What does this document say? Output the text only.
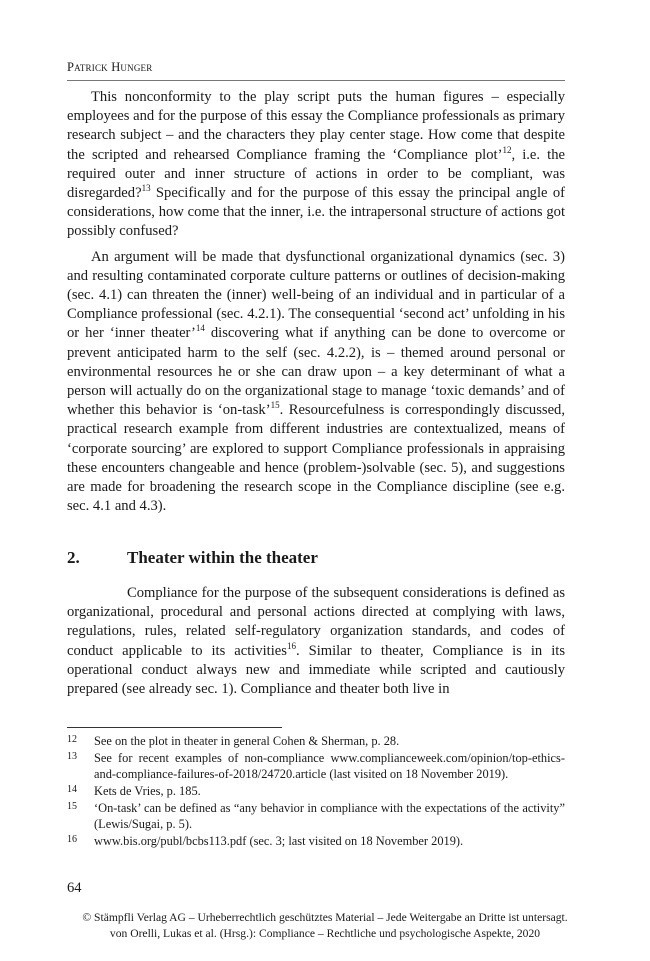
Patrick Hunger

This nonconformity to the play script puts the human figures – especially employees and for the purpose of this essay the Compliance professionals as primary research subject – and the characters they play center stage. How come that despite the scripted and rehearsed Compliance framing the ‘Compliance plot’$^{12}$, i.e. the required outer and inner structure of actions in order to be compliant, was disregarded?$^{13}$ Specifically and for the purpose of this essay the principal angle of considerations, how come that the inner, i.e. the intrapersonal structure of actions got possibly confused?

An argument will be made that dysfunctional organizational dynamics (sec. 3) and resulting contaminated corporate culture patterns or outlines of decision-making (sec. 4.1) can threaten the (inner) well-being of an individual and in particular of a Compliance professional (sec. 4.2.1). The consequential ‘second act’ unfolding in his or her ‘inner theater’$^{14}$ discovering what if anything can be done to overcome or prevent anticipated harm to the self (sec. 4.2.2), is – themed around personal or environmental resources he or she can draw upon – a key determinant of what a person will actually do on the organizational stage to manage ‘toxic demands’ and of whether this behavior is ‘on-task’$^{15}$. Resourcefulness is correspondingly discussed, practical research example from different industries are contextualized, means of ‘corporate sourcing’ are explored to support Compliance professionals in appraising these encounters changeable and hence (problem-)solvable (sec. 5), and suggestions are made for broadening the research scope in the Compliance discipline (see e.g. sec. 4.1 and 4.3).

2.	Theater within the theater

Compliance for the purpose of the subsequent considerations is defined as organizational, procedural and personal actions directed at complying with laws, regulations, rules, related self-regulatory organization standards, and codes of conduct applicable to its activities$^{16}$. Similar to theater, Compliance is in its operational conduct always new and immediate while scripted and cautiously prepared (see already sec. 1). Compliance and theater both live in

12	See on the plot in theater in general Cohen & Sherman, p. 28.
13	See for recent examples of non-compliance www.complianceweek.com/opinion/top-ethics-and-compliance-failures-of-2018/24720.article (last visited on 18 November 2019).
14	Kets de Vries, p. 185.
15	‘On-task’ can be defined as “any behavior in compliance with the expectations of the activity” (Lewis/Sugai, p. 5).
16	www.bis.org/publ/bcbs113.pdf (sec. 3; last visited on 18 November 2019).
64
© Stämpfli Verlag AG – Urheberrechtlich geschütztes Material – Jede Weitergabe an Dritte ist untersagt.
von Orelli, Lukas et al. (Hrsg.): Compliance – Rechtliche und psychologische Aspekte, 2020
